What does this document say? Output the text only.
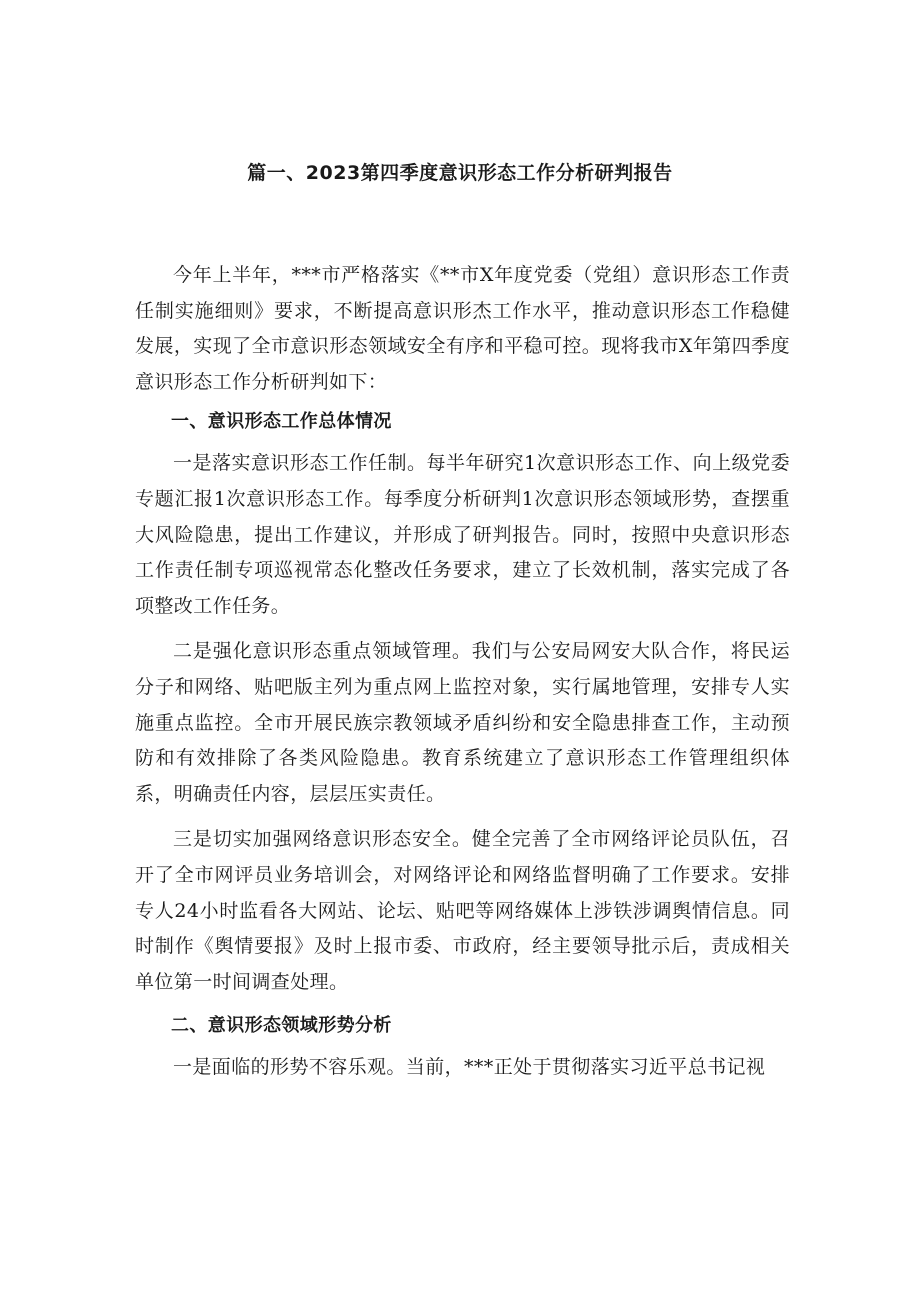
篇一、2023第四季度意识形态工作分析研判报告

今年上半年，***市严格落实《**市X年度党委（党组）意识形态工作责任制实施细则》要求，不断提高意识形杰工作水平，推动意识形态工作稳健发展，实现了全市意识形态领域安全有序和平稳可控。现将我市X年第四季度意识形态工作分析研判如下：

一、意识形态工作总体情况

一是落实意识形态工作任制。每半年研究1次意识形态工作、向上级党委专题汇报1次意识形态工作。每季度分析研判1次意识形态领域形势，查摆重大风险隐患，提出工作建议，并形成了研判报告。同时，按照中央意识形态工作责任制专项巡视常态化整改任务要求，建立了长效机制，落实完成了各项整改工作任务。

二是强化意识形态重点领域管理。我们与公安局网安大队合作，将民运分子和网络、贴吧版主列为重点网上监控对象，实行属地管理，安排专人实施重点监控。全市开展民族宗教领域矛盾纠纷和安全隐患排查工作，主动预防和有效排除了各类风险隐患。教育系统建立了意识形态工作管理组织体系，明确责任内容，层层压实责任。

三是切实加强网络意识形态安全。健全完善了全市网络评论员队伍，召开了全市网评员业务培训会，对网络评论和网络监督明确了工作要求。安排专人24小时监看各大网站、论坛、贴吧等网络媒体上涉铁涉调舆情信息。同时制作《舆情要报》及时上报市委、市政府，经主要领导批示后，责成相关单位第一时间调查处理。

二、意识形态领域形势分析

一是面临的形势不容乐观。当前，***正处于贯彻落实习近平总书记视
